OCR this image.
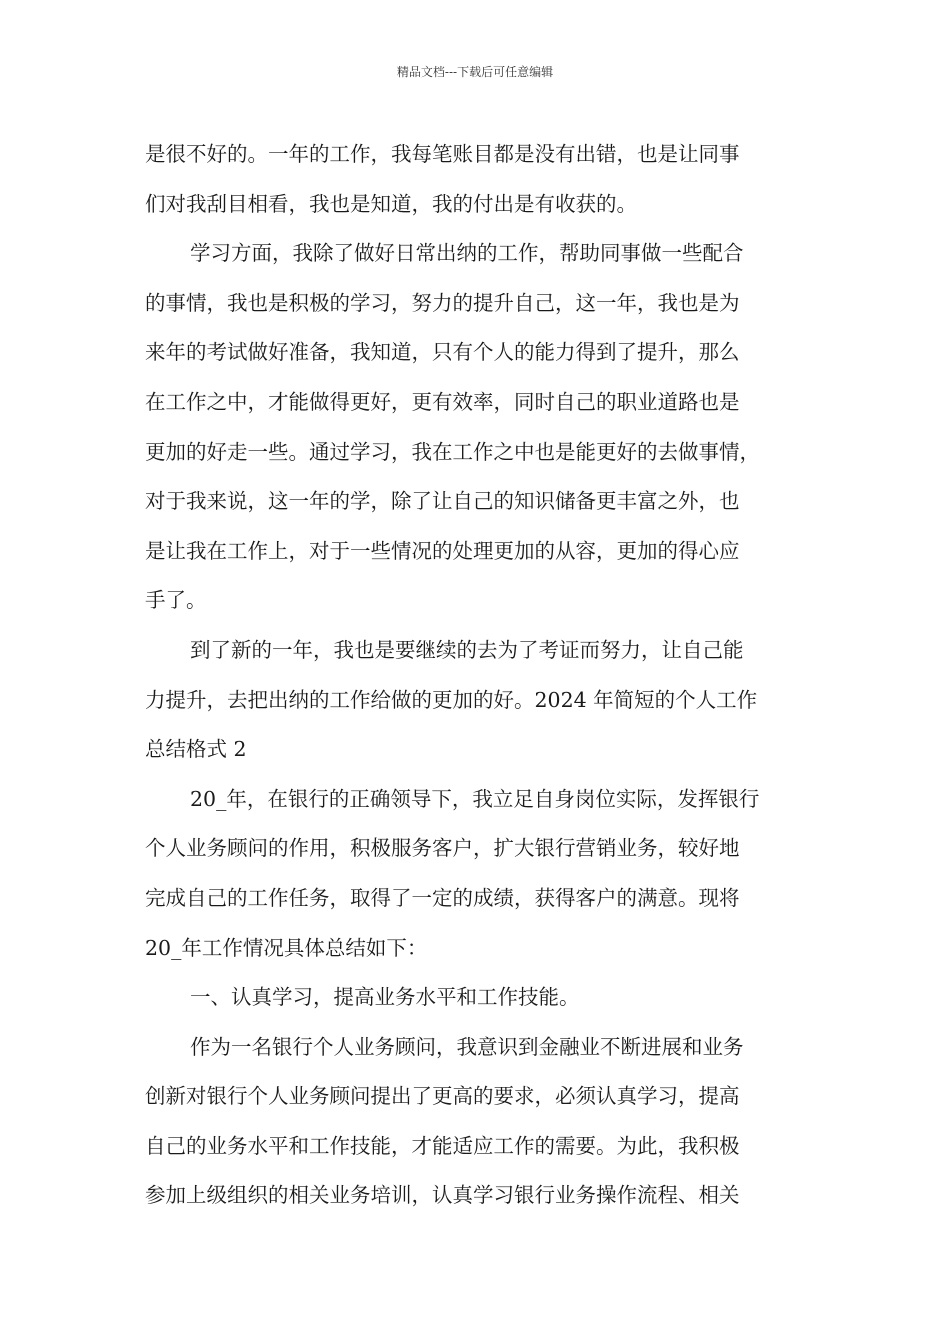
精品文档---下载后可任意编辑
是很不好的。一年的工作，我每笔账目都是没有出错，也是让同事
们对我刮目相看，我也是知道，我的付出是有收获的。
学习方面，我除了做好日常出纳的工作，帮助同事做一些配合
的事情，我也是积极的学习，努力的提升自己，这一年，我也是为
来年的考试做好准备，我知道，只有个人的能力得到了提升，那么
在工作之中，才能做得更好，更有效率，同时自己的职业道路也是
更加的好走一些。通过学习，我在工作之中也是能更好的去做事情，
对于我来说，这一年的学，除了让自己的知识储备更丰富之外，也
是让我在工作上，对于一些情况的处理更加的从容，更加的得心应
手了。
到了新的一年，我也是要继续的去为了考证而努力，让自己能
力提升，去把出纳的工作给做的更加的好。2024 年简短的个人工作
总结格式 2
20_年，在银行的正确领导下，我立足自身岗位实际，发挥银行
个人业务顾问的作用，积极服务客户，扩大银行营销业务，较好地
完成自己的工作任务，取得了一定的成绩，获得客户的满意。现将
20_年工作情况具体总结如下：
一、认真学习，提高业务水平和工作技能。
作为一名银行个人业务顾问，我意识到金融业不断进展和业务
创新对银行个人业务顾问提出了更高的要求，必须认真学习，提高
自己的业务水平和工作技能，才能适应工作的需要。为此，我积极
参加上级组织的相关业务培训，认真学习银行业务操作流程、相关
